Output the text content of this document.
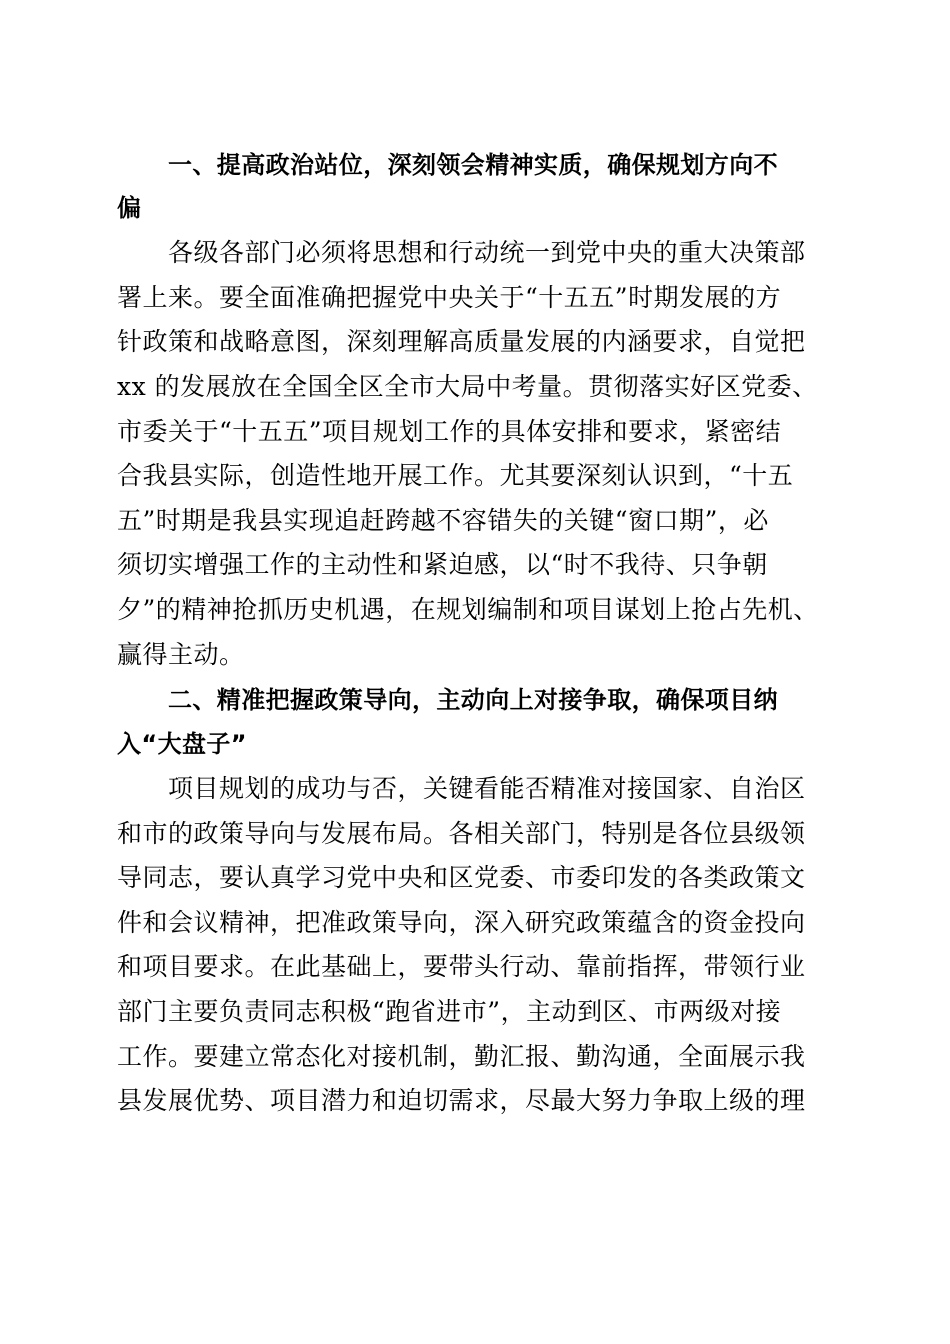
一、提高政治站位，深刻领会精神实质，确保规划方向不
偏
各级各部门必须将思想和行动统一到党中央的重大决策部
署上来。要全面准确把握党中央关于“十五五”时期发展的方
针政策和战略意图，深刻理解高质量发展的内涵要求，自觉把
xx 的发展放在全国全区全市大局中考量。贯彻落实好区党委、
市委关于“十五五”项目规划工作的具体安排和要求，紧密结
合我县实际，创造性地开展工作。尤其要深刻认识到，“十五
五”时期是我县实现追赶跨越不容错失的关键“窗口期”，必
须切实增强工作的主动性和紧迫感，以“时不我待、只争朝
夕”的精神抢抓历史机遇，在规划编制和项目谋划上抢占先机、
赢得主动。
二、精准把握政策导向，主动向上对接争取，确保项目纳
入“大盘子”
项目规划的成功与否，关键看能否精准对接国家、自治区
和市的政策导向与发展布局。各相关部门，特别是各位县级领
导同志，要认真学习党中央和区党委、市委印发的各类政策文
件和会议精神，把准政策导向，深入研究政策蕴含的资金投向
和项目要求。在此基础上，要带头行动、靠前指挥，带领行业
部门主要负责同志积极“跑省进市”，主动到区、市两级对接
工作。要建立常态化对接机制，勤汇报、勤沟通，全面展示我
县发展优势、项目潜力和迫切需求，尽最大努力争取上级的理
